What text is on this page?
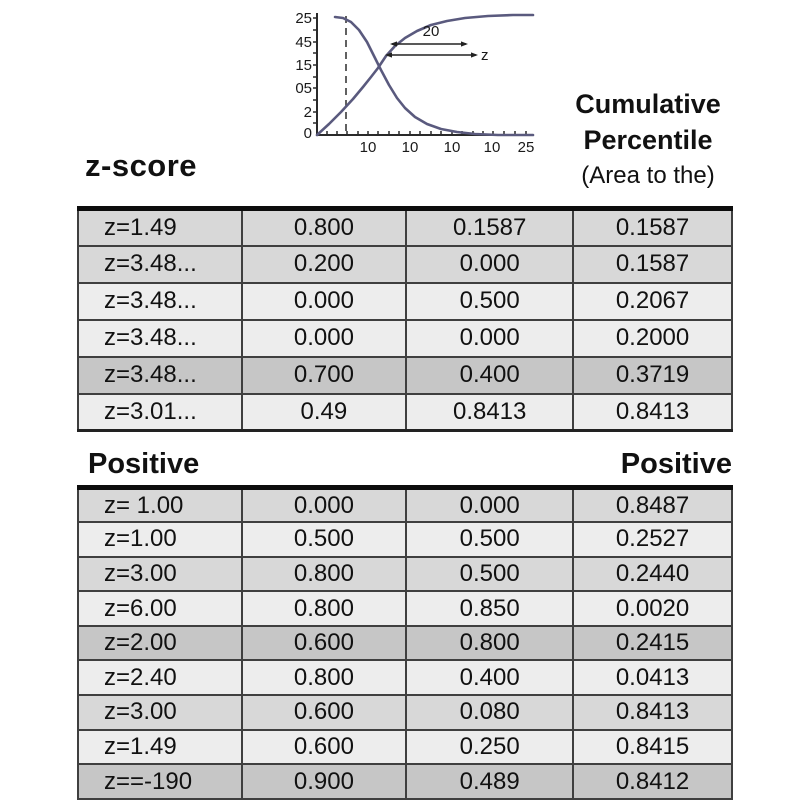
20
z
25
45
15
05
2
0
10 10 10 10 25
z-score
Cumulative
Percentile
(Area to the)
z=1.49	0.800	0.1587	0.1587
z=3.48...	0.200	0.000	0.1587
z=3.48...	0.000	0.500	0.2067
z=3.48...	0.000	0.000	0.2000
z=3.48...	0.700	0.400	0.3719
z=3.01...	0.49	0.8413	0.8413
Positive	Positive
z= 1.00	0.000	0.000	0.8487
z=1.00	0.500	0.500	0.2527
z=3.00	0.800	0.500	0.2440
z=6.00	0.800	0.850	0.0020
z=2.00	0.600	0.800	0.2415
z=2.40	0.800	0.400	0.0413
z=3.00	0.600	0.080	0.8413
z=1.49	0.600	0.250	0.8415
z==-190	0.900	0.489	0.8412
